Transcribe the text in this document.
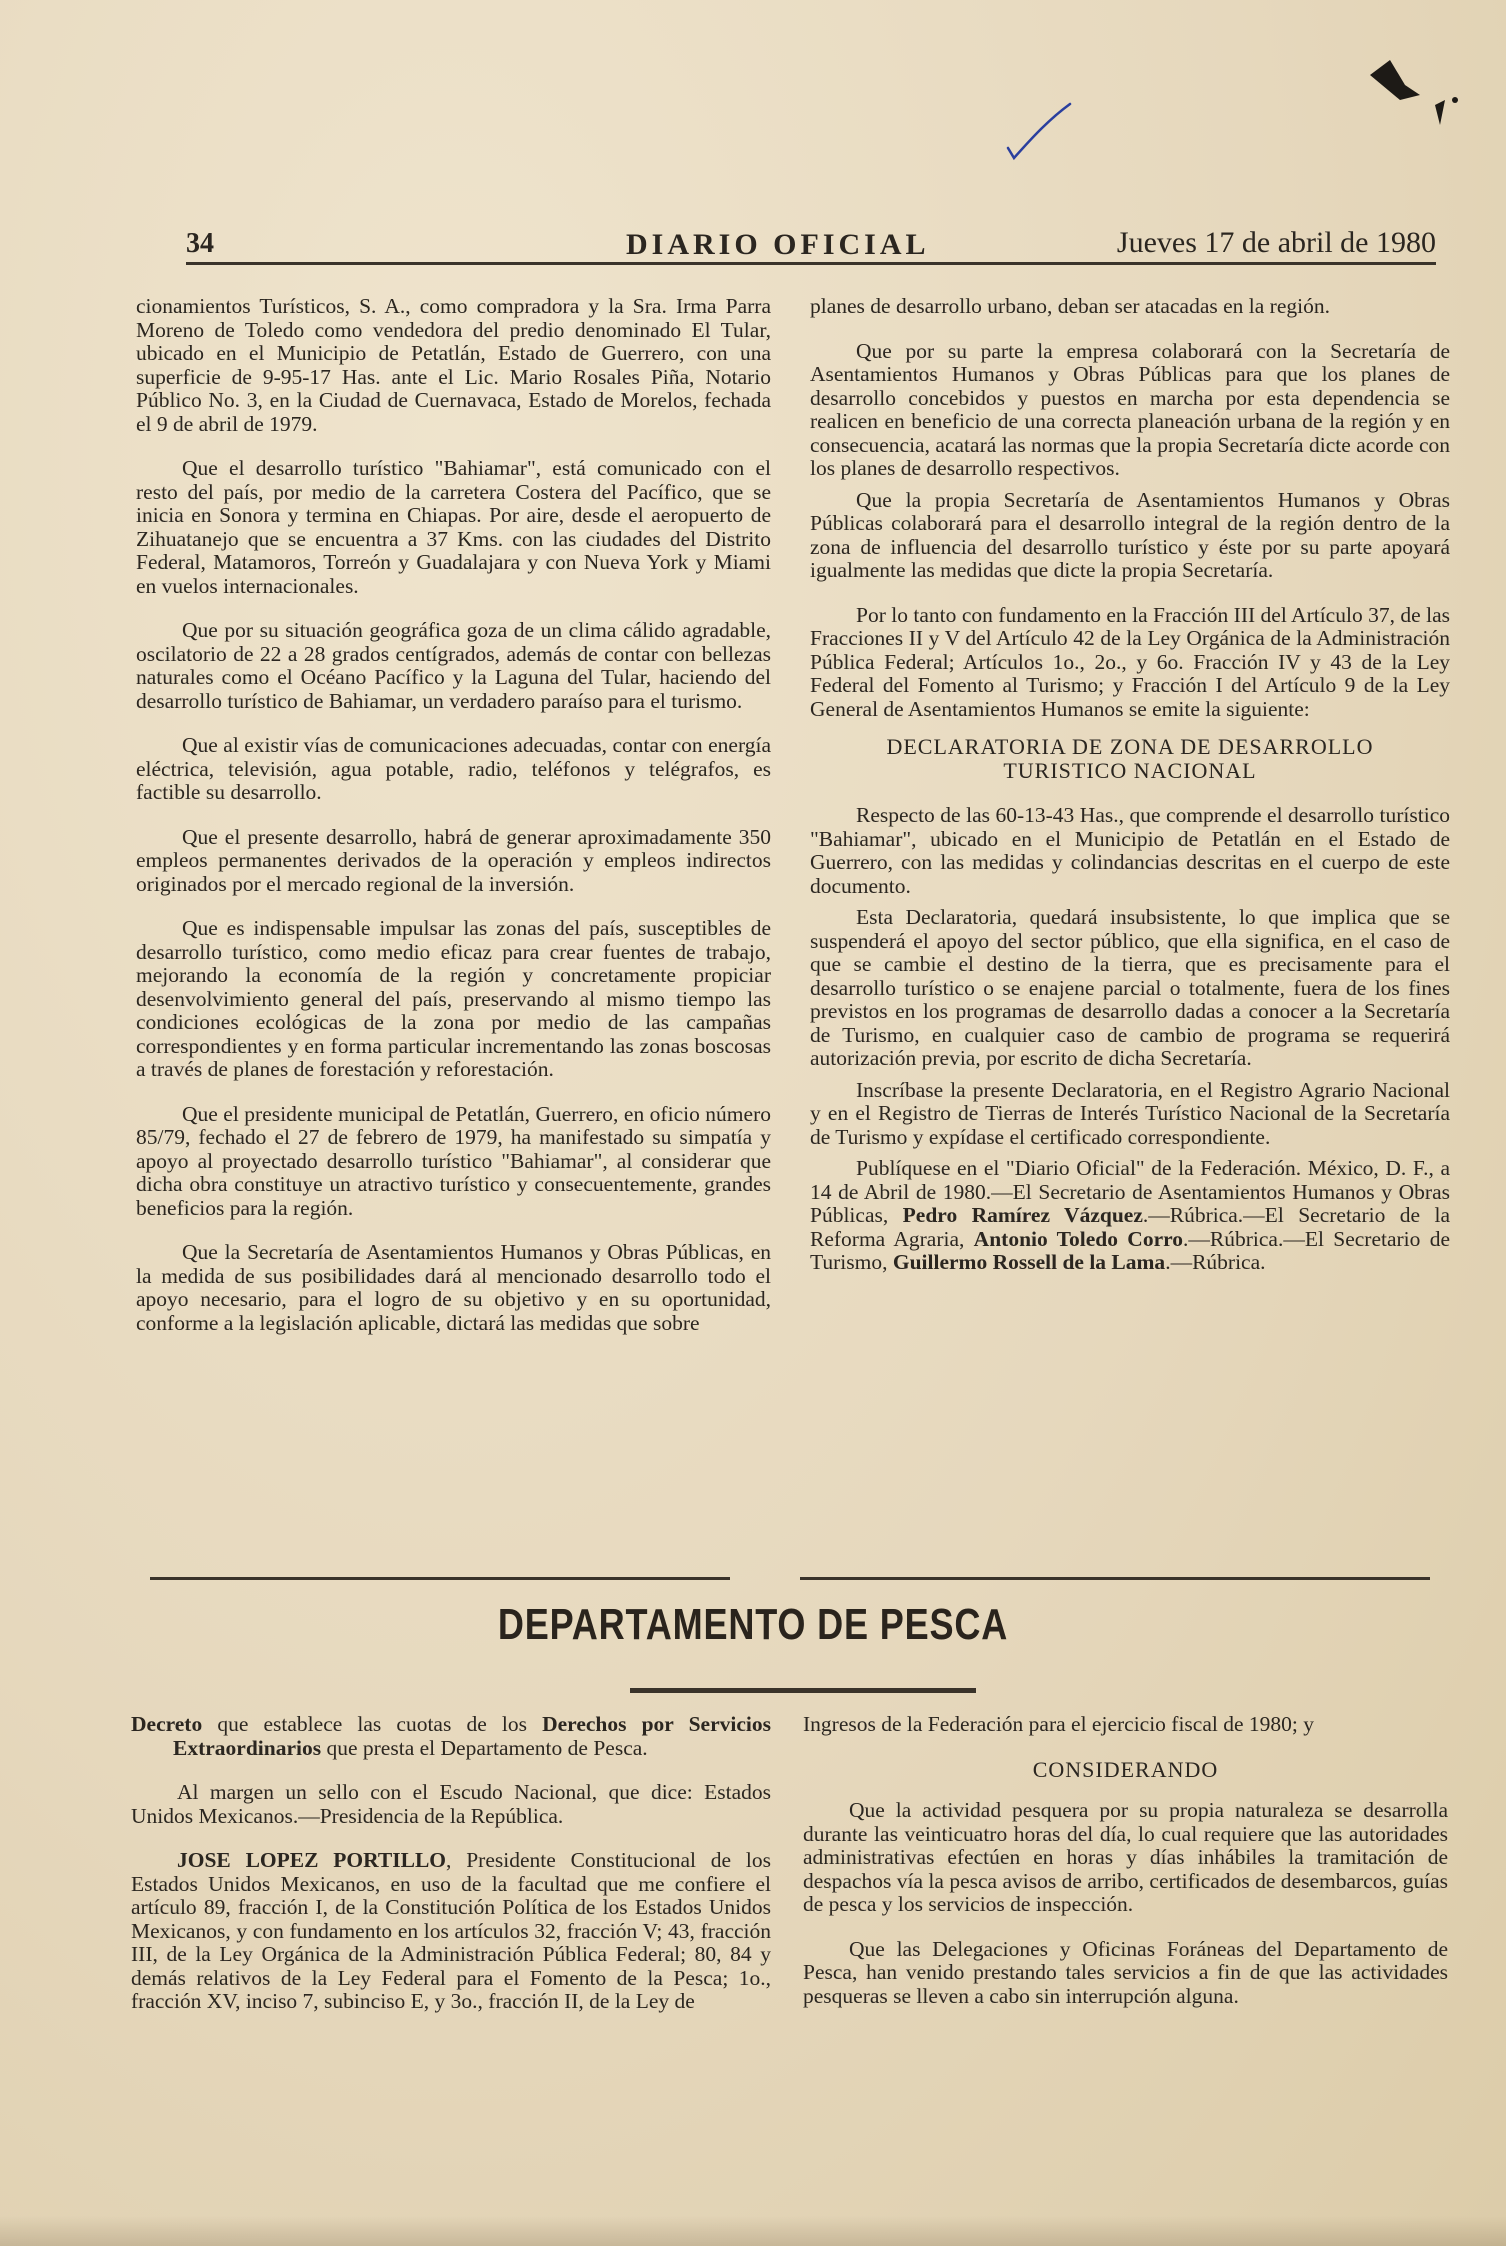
34	DIARIO OFICIAL	Jueves 17 de abril de 1980

cionamientos Turísticos, S. A., como compradora y la Sra. Irma Parra Moreno de Toledo como vendedora del predio denominado El Tular, ubicado en el Municipio de Petatlán, Estado de Guerrero, con una superficie de 9-95-17 Has. ante el Lic. Mario Rosales Piña, Notario Público No. 3, en la Ciudad de Cuernavaca, Estado de Morelos, fechada el 9 de abril de 1979.

Que el desarrollo turístico "Bahiamar", está comunicado con el resto del país, por medio de la carretera Costera del Pacífico, que se inicia en Sonora y termina en Chiapas. Por aire, desde el aeropuerto de Zihuatanejo que se encuentra a 37 Kms. con las ciudades del Distrito Federal, Matamoros, Torreón y Guadalajara y con Nueva York y Miami en vuelos internacionales.

Que por su situación geográfica goza de un clima cálido agradable, oscilatorio de 22 a 28 grados centígrados, además de contar con bellezas naturales como el Océano Pacífico y la Laguna del Tular, haciendo del desarrollo turístico de Bahiamar, un verdadero paraíso para el turismo.

Que al existir vías de comunicaciones adecuadas, contar con energía eléctrica, televisión, agua potable, radio, teléfonos y telégrafos, es factible su desarrollo.

Que el presente desarrollo, habrá de generar aproximadamente 350 empleos permanentes derivados de la operación y empleos indirectos originados por el mercado regional de la inversión.

Que es indispensable impulsar las zonas del país, susceptibles de desarrollo turístico, como medio eficaz para crear fuentes de trabajo, mejorando la economía de la región y concretamente propiciar desenvolvimiento general del país, preservando al mismo tiempo las condiciones ecológicas de la zona por medio de las campañas correspondientes y en forma particular incrementando las zonas boscosas a través de planes de forestación y reforestación.

Que el presidente municipal de Petatlán, Guerrero, en oficio número 85/79, fechado el 27 de febrero de 1979, ha manifestado su simpatía y apoyo al proyectado desarrollo turístico "Bahiamar", al considerar que dicha obra constituye un atractivo turístico y consecuentemente, grandes beneficios para la región.

Que la Secretaría de Asentamientos Humanos y Obras Públicas, en la medida de sus posibilidades dará al mencionado desarrollo todo el apoyo necesario, para el logro de su objetivo y en su oportunidad, conforme a la legislación aplicable, dictará las medidas que sobre

planes de desarrollo urbano, deban ser atacadas en la región.

Que por su parte la empresa colaborará con la Secretaría de Asentamientos Humanos y Obras Públicas para que los planes de desarrollo concebidos y puestos en marcha por esta dependencia se realicen en beneficio de una correcta planeación urbana de la región y en consecuencia, acatará las normas que la propia Secretaría dicte acorde con los planes de desarrollo respectivos.

Que la propia Secretaría de Asentamientos Humanos y Obras Públicas colaborará para el desarrollo integral de la región dentro de la zona de influencia del desarrollo turístico y éste por su parte apoyará igualmente las medidas que dicte la propia Secretaría.

Por lo tanto con fundamento en la Fracción III del Artículo 37, de las Fracciones II y V del Artículo 42 de la Ley Orgánica de la Administración Pública Federal; Artículos 1o., 2o., y 6o. Fracción IV y 43 de la Ley Federal del Fomento al Turismo; y Fracción I del Artículo 9 de la Ley General de Asentamientos Humanos se emite la siguiente:

DECLARATORIA DE ZONA DE DESARROLLO
TURISTICO NACIONAL

Respecto de las 60-13-43 Has., que comprende el desarrollo turístico "Bahiamar", ubicado en el Municipio de Petatlán en el Estado de Guerrero, con las medidas y colindancias descritas en el cuerpo de este documento.

Esta Declaratoria, quedará insubsistente, lo que implica que se suspenderá el apoyo del sector público, que ella significa, en el caso de que se cambie el destino de la tierra, que es precisamente para el desarrollo turístico o se enajene parcial o totalmente, fuera de los fines previstos en los programas de desarrollo dadas a conocer a la Secretaría de Turismo, en cualquier caso de cambio de programa se requerirá autorización previa, por escrito de dicha Secretaría.

Inscríbase la presente Declaratoria, en el Registro Agrario Nacional y en el Registro de Tierras de Interés Turístico Nacional de la Secretaría de Turismo y expídase el certificado correspondiente.

Publíquese en el "Diario Oficial" de la Federación. México, D. F., a 14 de Abril de 1980.—El Secretario de Asentamientos Humanos y Obras Públicas, Pedro Ramírez Vázquez.—Rúbrica.—El Secretario de la Reforma Agraria, Antonio Toledo Corro.—Rúbrica.—El Secretario de Turismo, Guillermo Rossell de la Lama.—Rúbrica.

DEPARTAMENTO DE PESCA

Decreto que establece las cuotas de los Derechos por Servicios Extraordinarios que presta el Departamento de Pesca.

Al margen un sello con el Escudo Nacional, que dice: Estados Unidos Mexicanos.—Presidencia de la República.

JOSE LOPEZ PORTILLO, Presidente Constitucional de los Estados Unidos Mexicanos, en uso de la facultad que me confiere el artículo 89, fracción I, de la Constitución Política de los Estados Unidos Mexicanos, y con fundamento en los artículos 32, fracción V; 43, fracción III, de la Ley Orgánica de la Administración Pública Federal; 80, 84 y demás relativos de la Ley Federal para el Fomento de la Pesca; 1o., fracción XV, inciso 7, subinciso E, y 3o., fracción II, de la Ley de

Ingresos de la Federación para el ejercicio fiscal de 1980; y

CONSIDERANDO

Que la actividad pesquera por su propia naturaleza se desarrolla durante las veinticuatro horas del día, lo cual requiere que las autoridades administrativas efectúen en horas y días inhábiles la tramitación de despachos vía la pesca avisos de arribo, certificados de desembarcos, guías de pesca y los servicios de inspección.

Que las Delegaciones y Oficinas Foráneas del Departamento de Pesca, han venido prestando tales servicios a fin de que las actividades pesqueras se lleven a cabo sin interrupción alguna.
